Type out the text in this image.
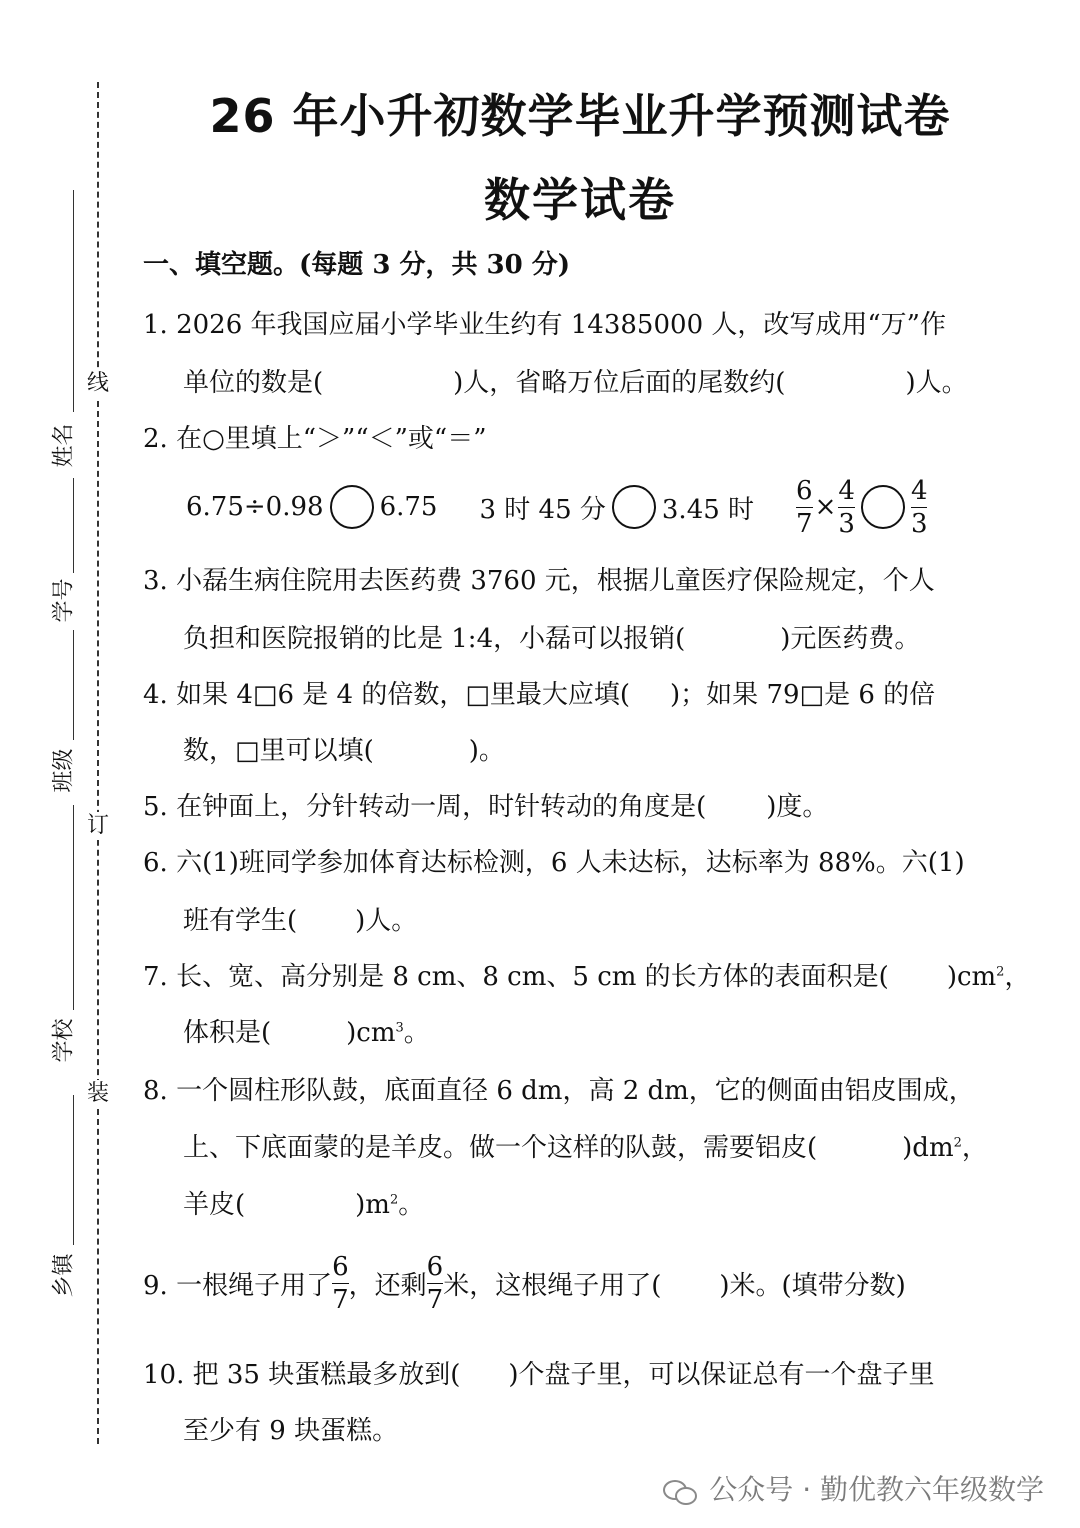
线
订
装
姓名
学号
班级
学校
乡镇
26 年小升初数学毕业升学预测试卷
数学试卷
一、填空题。(每题 3 分，共 30 分)
1. 2026 年我国应届小学毕业生约有 14385000 人，改写成用“万”作
单位的数是(	)人，省略万位后面的尾数约(	)人。
2. 在○里填上“＞”“＜”或“＝”
6.75÷0.98 6.75 3 时 45 分 3.45 时 $\frac{6}{7} \times \frac{4}{3} \frac{4}{3}$
3. 小磊生病住院用去医药费 3760 元，根据儿童医疗保险规定，个人
负担和医院报销的比是 1:4，小磊可以报销(	)元医药费。
4. 如果 4□6 是 4 的倍数，□里最大应填( )；如果 79□是 6 的倍
数，□里可以填(	)。
5. 在钟面上，分针转动一周，时针转动的角度是( )度。
6. 六(1)班同学参加体育达标检测，6 人未达标，达标率为 88%。六(1)
班有学生( )人。
7. 长、宽、高分别是 8 cm、8 cm、5 cm 的长方体的表面积是( )$cm^2$，
体积是(	)$cm^3$。
8. 一个圆柱形队鼓，底面直径 6 dm，高 2 dm，它的侧面由铝皮围成，
上、下底面蒙的是羊皮。做一个这样的队鼓，需要铝皮(	)$dm^2$，
羊皮(	)$m^2$。
9. 一根绳子用了 $\frac{6}{7}$ ，还剩 $\frac{6}{7}$ 米，这根绳子用了( )米。(填带分数)
10. 把 35 块蛋糕最多放到( )个盘子里，可以保证总有一个盘子里
至少有 9 块蛋糕。
公众号 · 勤优教六年级数学
